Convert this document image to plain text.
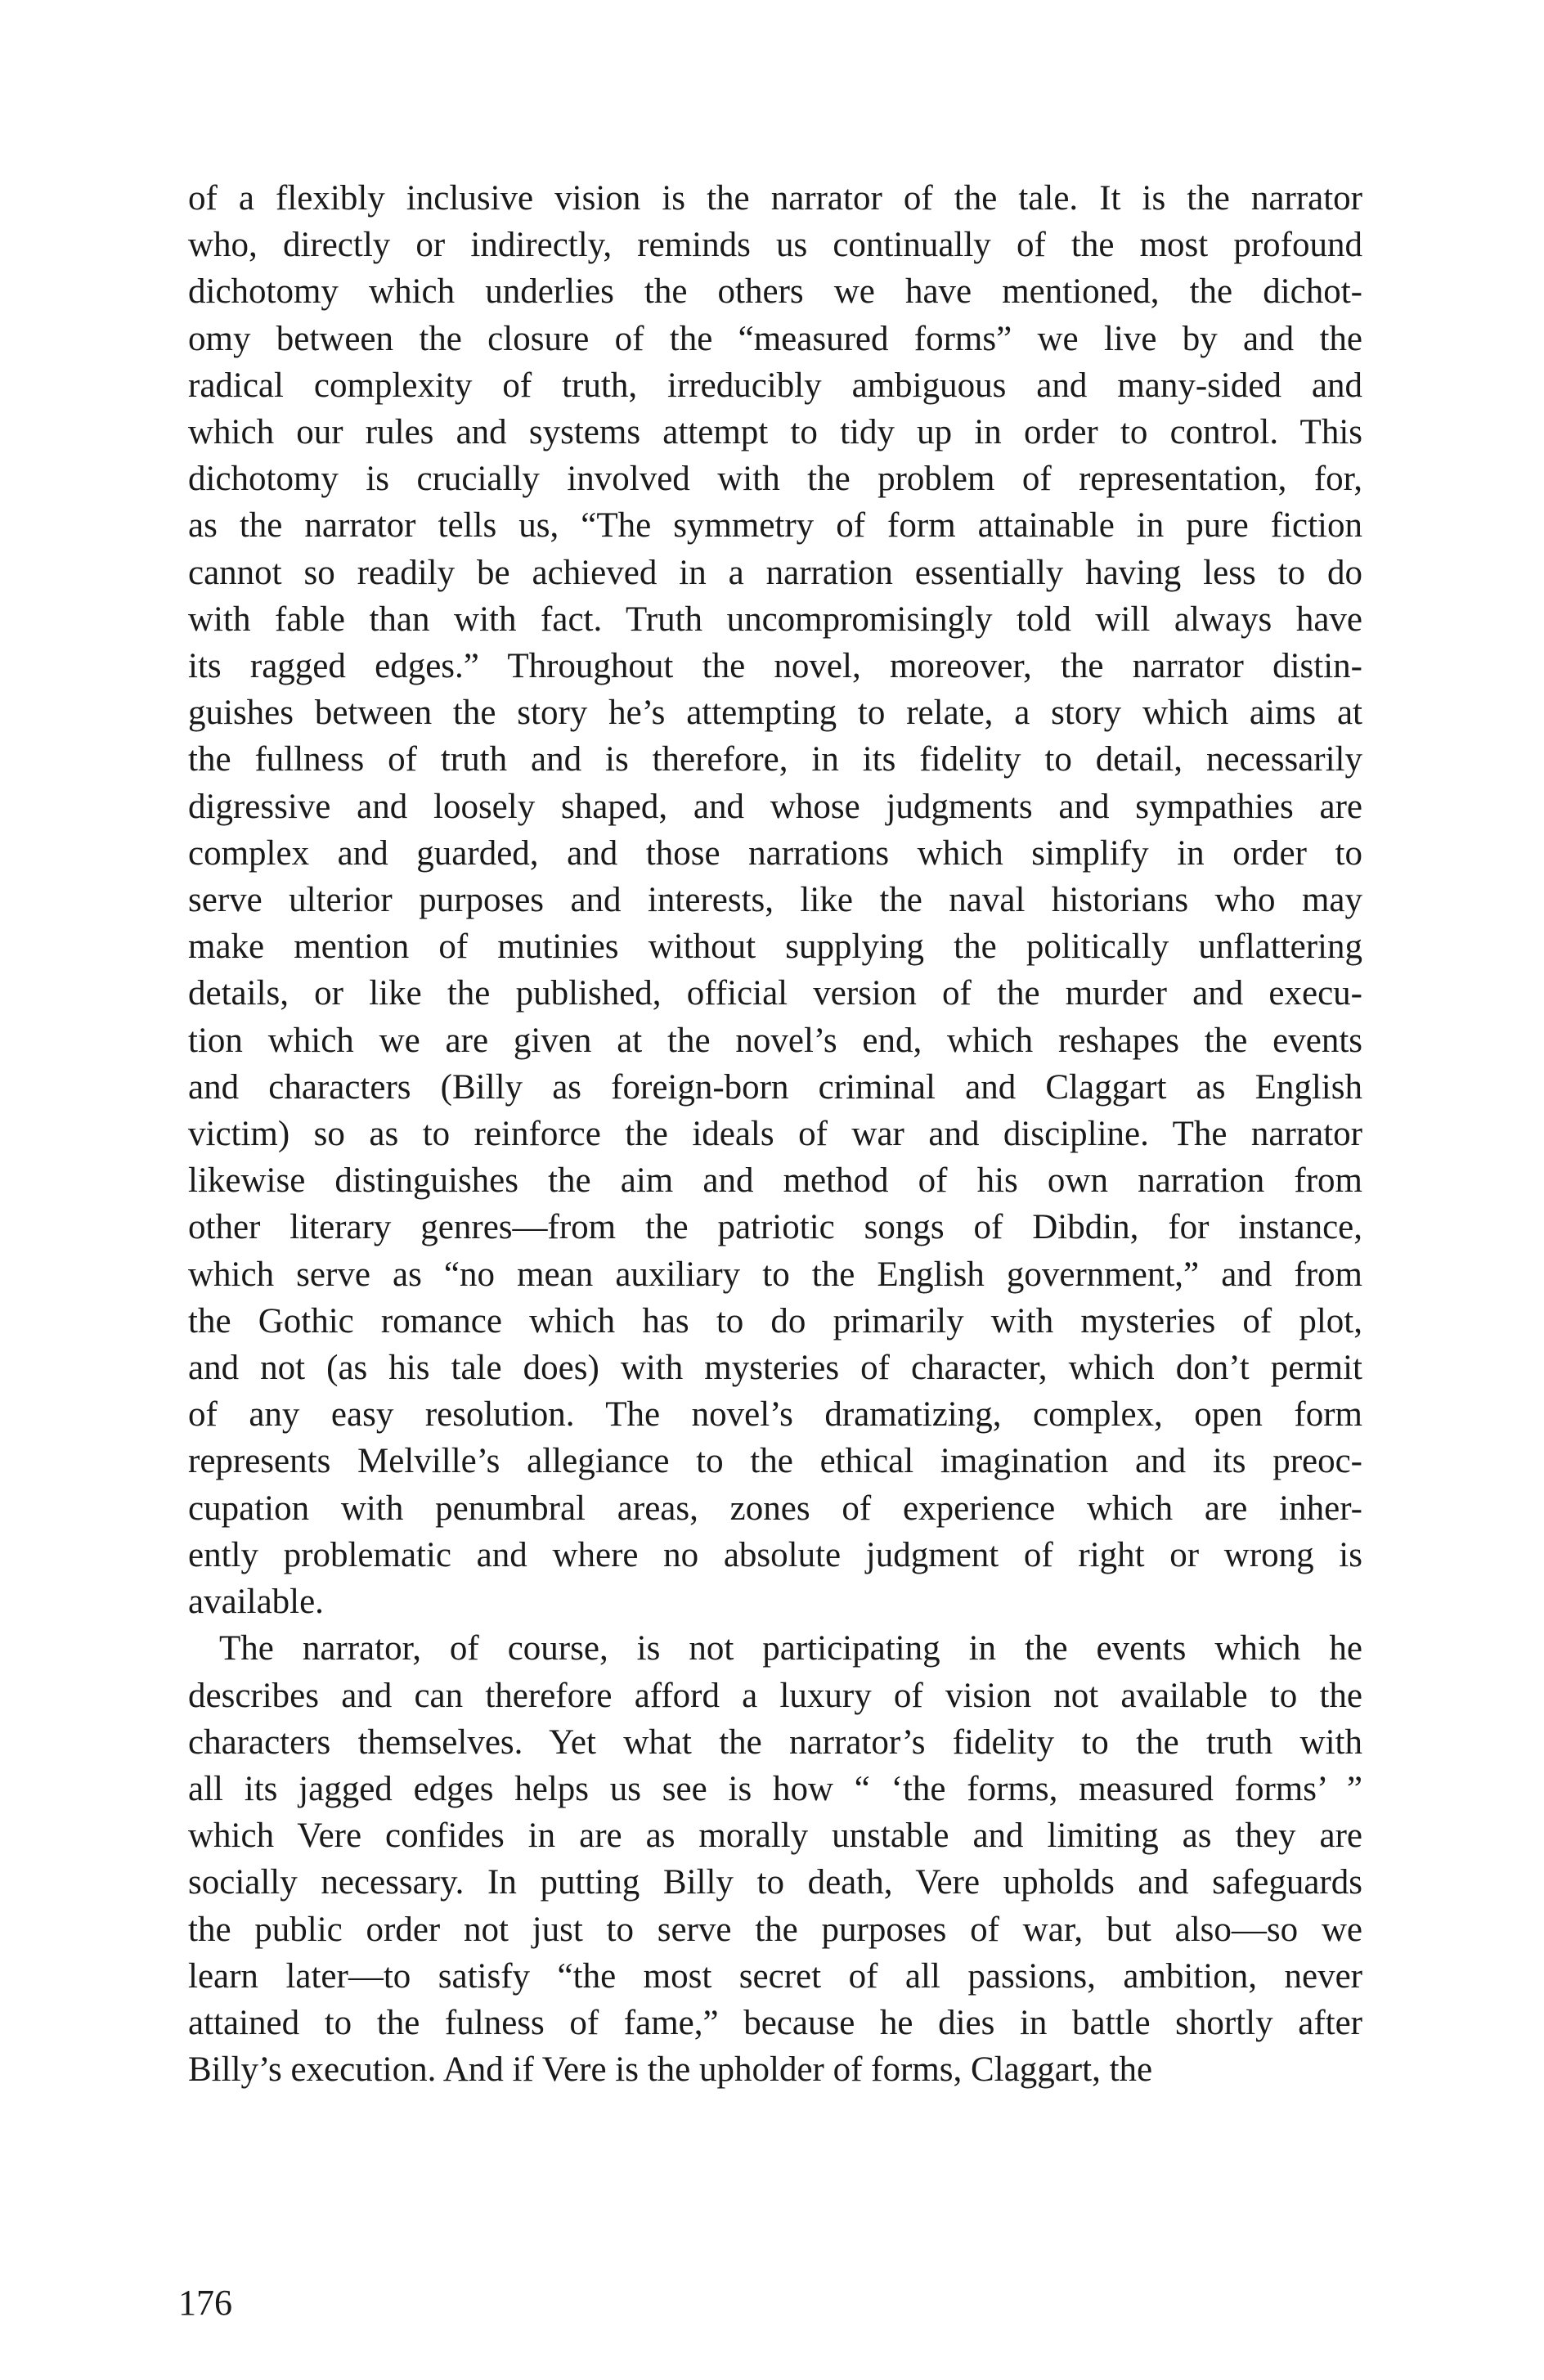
of a flexibly inclusive vision is the narrator of the tale. It is the narrator
who, directly or indirectly, reminds us continually of the most profound
dichotomy which underlies the others we have mentioned, the dichot-
omy between the closure of the “measured forms” we live by and the
radical complexity of truth, irreducibly ambiguous and many-sided and
which our rules and systems attempt to tidy up in order to control. This
dichotomy is crucially involved with the problem of representation, for,
as the narrator tells us, “The symmetry of form attainable in pure fiction
cannot so readily be achieved in a narration essentially having less to do
with fable than with fact. Truth uncompromisingly told will always have
its ragged edges.” Throughout the novel, moreover, the narrator distin-
guishes between the story he’s attempting to relate, a story which aims at
the fullness of truth and is therefore, in its fidelity to detail, necessarily
digressive and loosely shaped, and whose judgments and sympathies are
complex and guarded, and those narrations which simplify in order to
serve ulterior purposes and interests, like the naval historians who may
make mention of mutinies without supplying the politically unflattering
details, or like the published, official version of the murder and execu-
tion which we are given at the novel’s end, which reshapes the events
and characters (Billy as foreign-born criminal and Claggart as English
victim) so as to reinforce the ideals of war and discipline. The narrator
likewise distinguishes the aim and method of his own narration from
other literary genres—from the patriotic songs of Dibdin, for instance,
which serve as “no mean auxiliary to the English government,” and from
the Gothic romance which has to do primarily with mysteries of plot,
and not (as his tale does) with mysteries of character, which don’t permit
of any easy resolution. The novel’s dramatizing, complex, open form
represents Melville’s allegiance to the ethical imagination and its preoc-
cupation with penumbral areas, zones of experience which are inher-
ently problematic and where no absolute judgment of right or wrong is
available.
The narrator, of course, is not participating in the events which he
describes and can therefore afford a luxury of vision not available to the
characters themselves. Yet what the narrator’s fidelity to the truth with
all its jagged edges helps us see is how “ ‘the forms, measured forms’ ”
which Vere confides in are as morally unstable and limiting as they are
socially necessary. In putting Billy to death, Vere upholds and safeguards
the public order not just to serve the purposes of war, but also—so we
learn later—to satisfy “the most secret of all passions, ambition, never
attained to the fulness of fame,” because he dies in battle shortly after
Billy’s execution. And if Vere is the upholder of forms, Claggart, the
176
